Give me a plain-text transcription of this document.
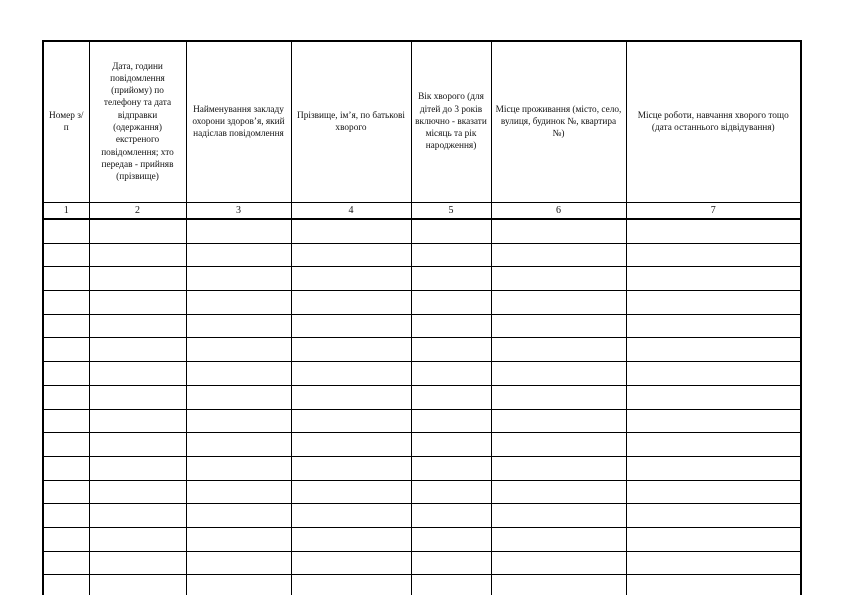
Номер з/п	Дата, години повідомлення (прийому) по телефону та дата відправки (одержання) екстреного повідомлення; хто передав - прийняв (прізвище)	Найменування закладу охорони здоров’я, який надіслав повідомлення	Прізвище, ім’я, по батькові хворого	Вік хворого (для дітей до 3 років включно - вказати місяць та рік народження)	Місце проживання (місто, село, вулиця, будинок №, квартира №)	Місце роботи, навчання хворого тощо (дата останнього відвідування)
1	2	3	4	5	6	7
